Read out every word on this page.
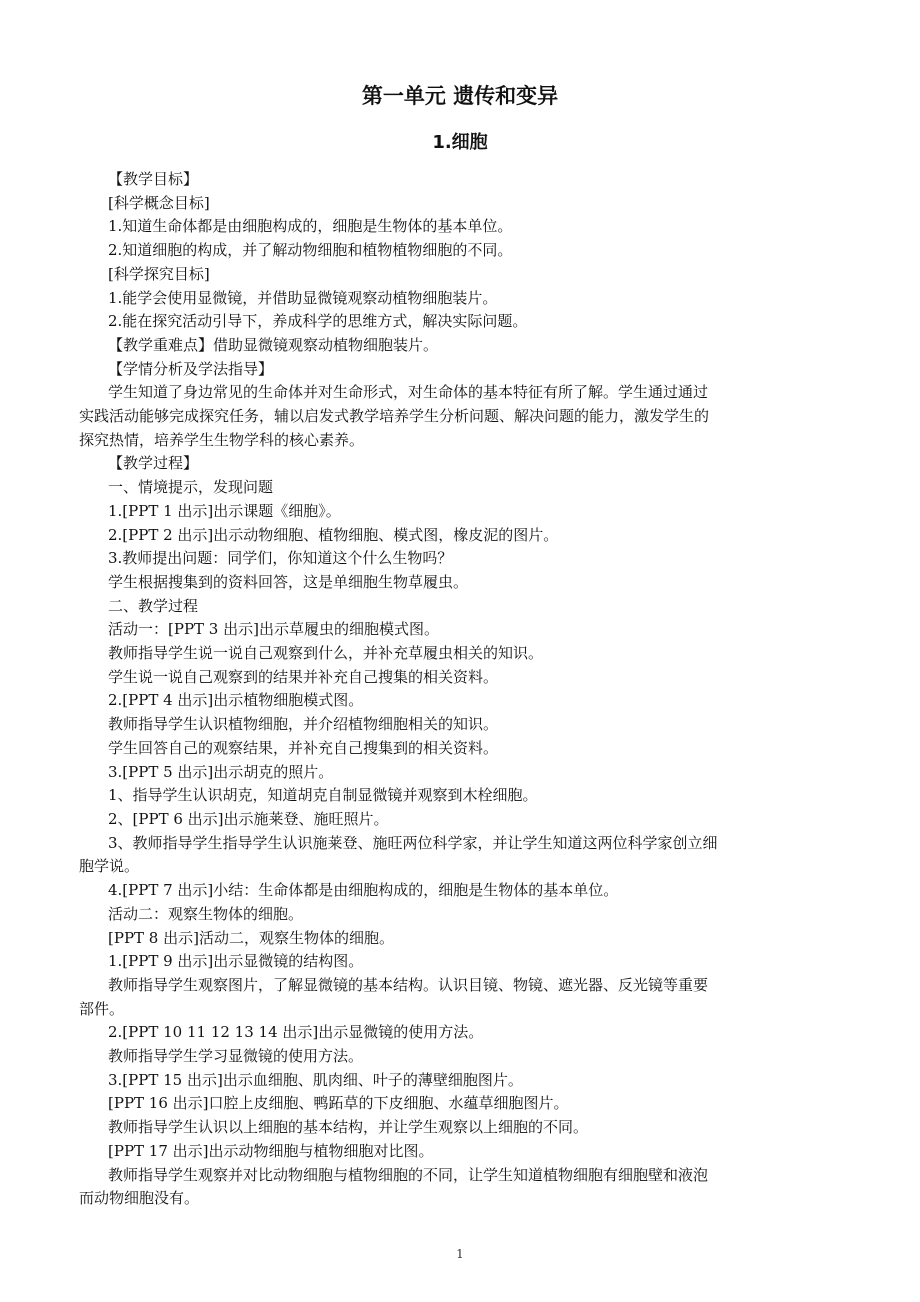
第一单元 遗传和变异
1.细胞

【教学目标】

[科学概念目标]

1.知道生命体都是由细胞构成的，细胞是生物体的基本单位。

2.知道细胞的构成，并了解动物细胞和植物植物细胞的不同。

[科学探究目标]

1.能学会使用显微镜，并借助显微镜观察动植物细胞装片。

2.能在探究活动引导下，养成科学的思维方式，解决实际问题。

【教学重难点】借助显微镜观察动植物细胞装片。

【学情分析及学法指导】

学生知道了身边常见的生命体并对生命形式，对生命体的基本特征有所了解。学生通过通过
实践活动能够完成探究任务，辅以启发式教学培养学生分析问题、解决问题的能力，激发学生的
探究热情，培养学生生物学科的核心素养。

【教学过程】

一、情境提示，发现问题

1.[PPT 1 出示]出示课题《细胞》。

2.[PPT 2 出示]出示动物细胞、植物细胞、模式图，橡皮泥的图片。

3.教师提出问题：同学们，你知道这个什么生物吗？

学生根据搜集到的资料回答，这是单细胞生物草履虫。

二、教学过程

活动一：[PPT 3 出示]出示草履虫的细胞模式图。

教师指导学生说一说自己观察到什么，并补充草履虫相关的知识。

学生说一说自己观察到的结果并补充自己搜集的相关资料。

2.[PPT 4 出示]出示植物细胞模式图。

教师指导学生认识植物细胞，并介绍植物细胞相关的知识。

学生回答自己的观察结果，并补充自己搜集到的相关资料。

3.[PPT 5 出示]出示胡克的照片。

1、指导学生认识胡克，知道胡克自制显微镜并观察到木栓细胞。

2、[PPT 6 出示]出示施莱登、施旺照片。

3、教师指导学生指导学生认识施莱登、施旺两位科学家，并让学生知道这两位科学家创立细
胞学说。

4.[PPT 7 出示]小结：生命体都是由细胞构成的，细胞是生物体的基本单位。

活动二：观察生物体的细胞。

[PPT 8 出示]活动二，观察生物体的细胞。

1.[PPT 9 出示]出示显微镜的结构图。

教师指导学生观察图片，了解显微镜的基本结构。认识目镜、物镜、遮光器、反光镜等重要
部件。

2.[PPT 10 11 12 13 14 出示]出示显微镜的使用方法。

教师指导学生学习显微镜的使用方法。

3.[PPT 15 出示]出示血细胞、肌肉细、叶子的薄壁细胞图片。

[PPT 16 出示]口腔上皮细胞、鸭跖草的下皮细胞、水蕴草细胞图片。

教师指导学生认识以上细胞的基本结构，并让学生观察以上细胞的不同。

[PPT 17 出示]出示动物细胞与植物细胞对比图。

教师指导学生观察并对比动物细胞与植物细胞的不同，让学生知道植物细胞有细胞壁和液泡
而动物细胞没有。

1
